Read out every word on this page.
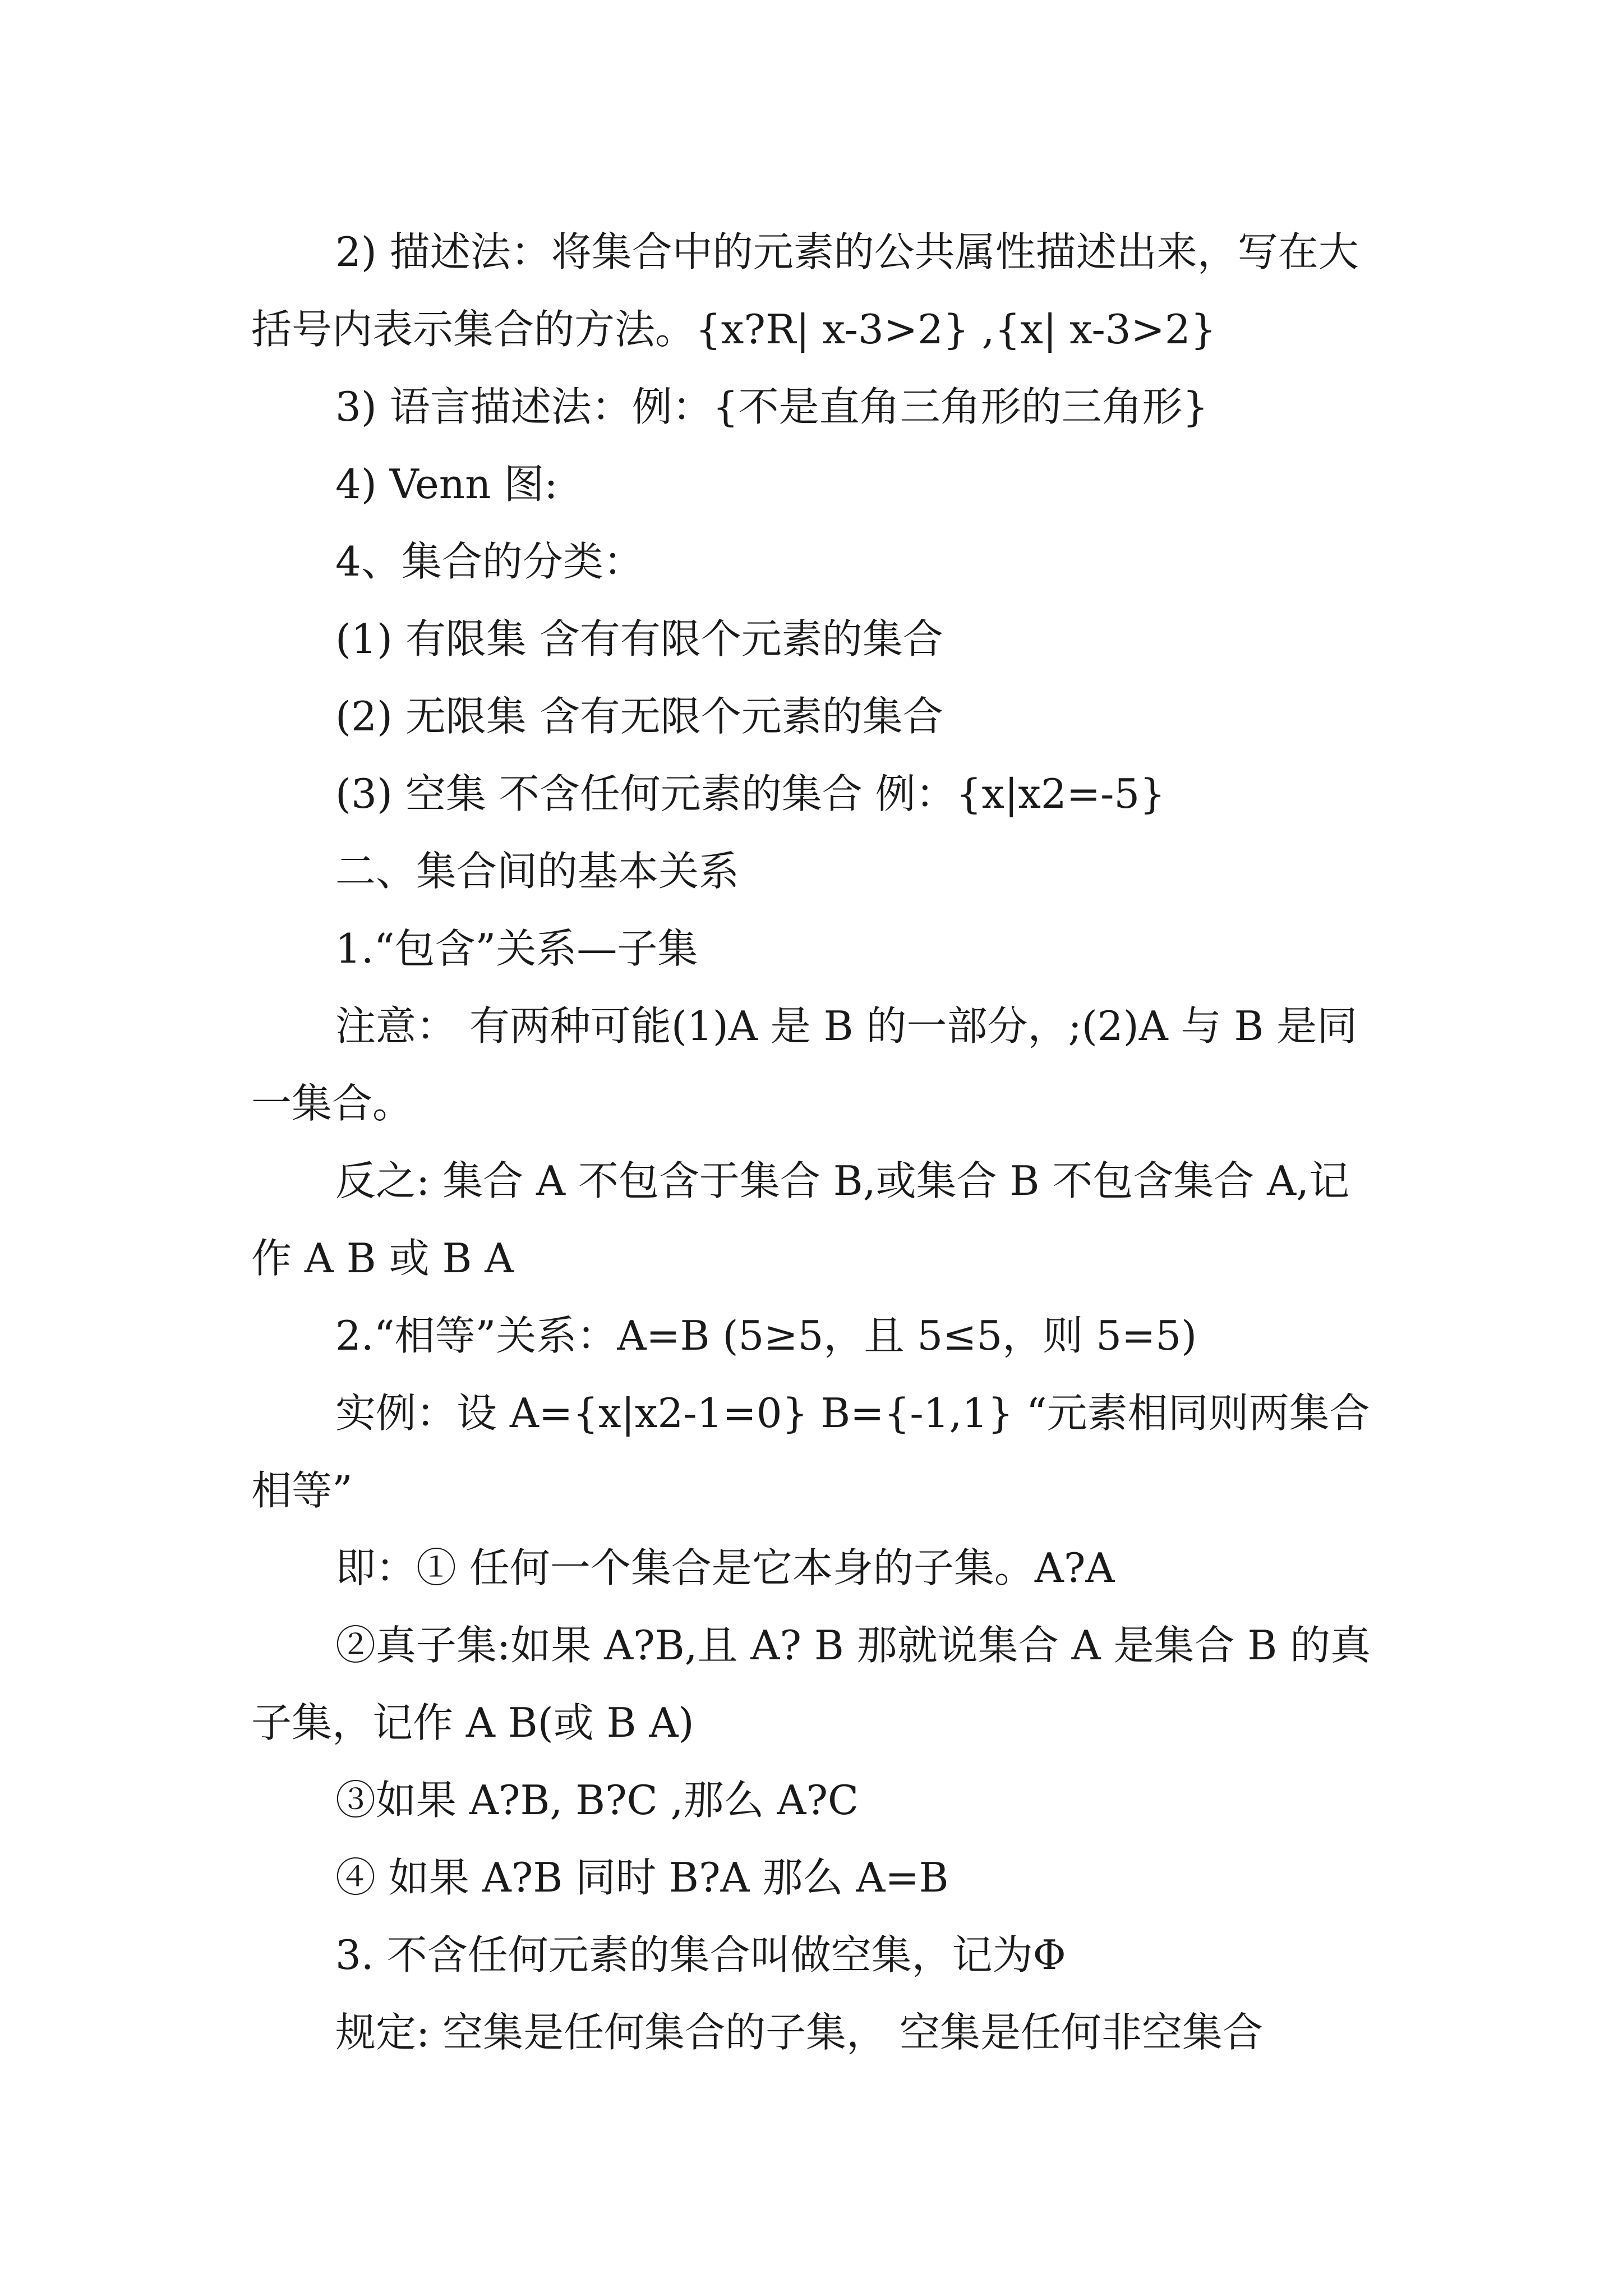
2) 描述法：将集合中的元素的公共属性描述出来，写在大括号内表示集合的方法。{x?R| x-3>2} ,{x| x-3>2}

3) 语言描述法：例：{不是直角三角形的三角形}

4) Venn 图:

4、集合的分类：

(1) 有限集 含有有限个元素的集合

(2) 无限集 含有无限个元素的集合

(3) 空集 不含任何元素的集合 例：{x|x2=-5}

二、集合间的基本关系

1.“包含”关系—子集

注意： 有两种可能(1)A 是 B 的一部分，;(2)A 与 B 是同一集合。

反之: 集合 A 不包含于集合 B,或集合 B 不包含集合 A,记作 A B 或 B A

2.“相等”关系：A=B (5≥5，且 5≤5，则 5=5)

实例：设 A={x|x2-1=0} B={-1,1} “元素相同则两集合相等”

即：① 任何一个集合是它本身的子集。A?A

②真子集:如果 A?B,且 A? B 那就说集合 A 是集合 B 的真子集，记作 A B(或 B A)

③如果 A?B, B?C ,那么 A?C

④ 如果 A?B 同时 B?A 那么 A=B

3. 不含任何元素的集合叫做空集，记为Φ

规定: 空集是任何集合的子集， 空集是任何非空集合
